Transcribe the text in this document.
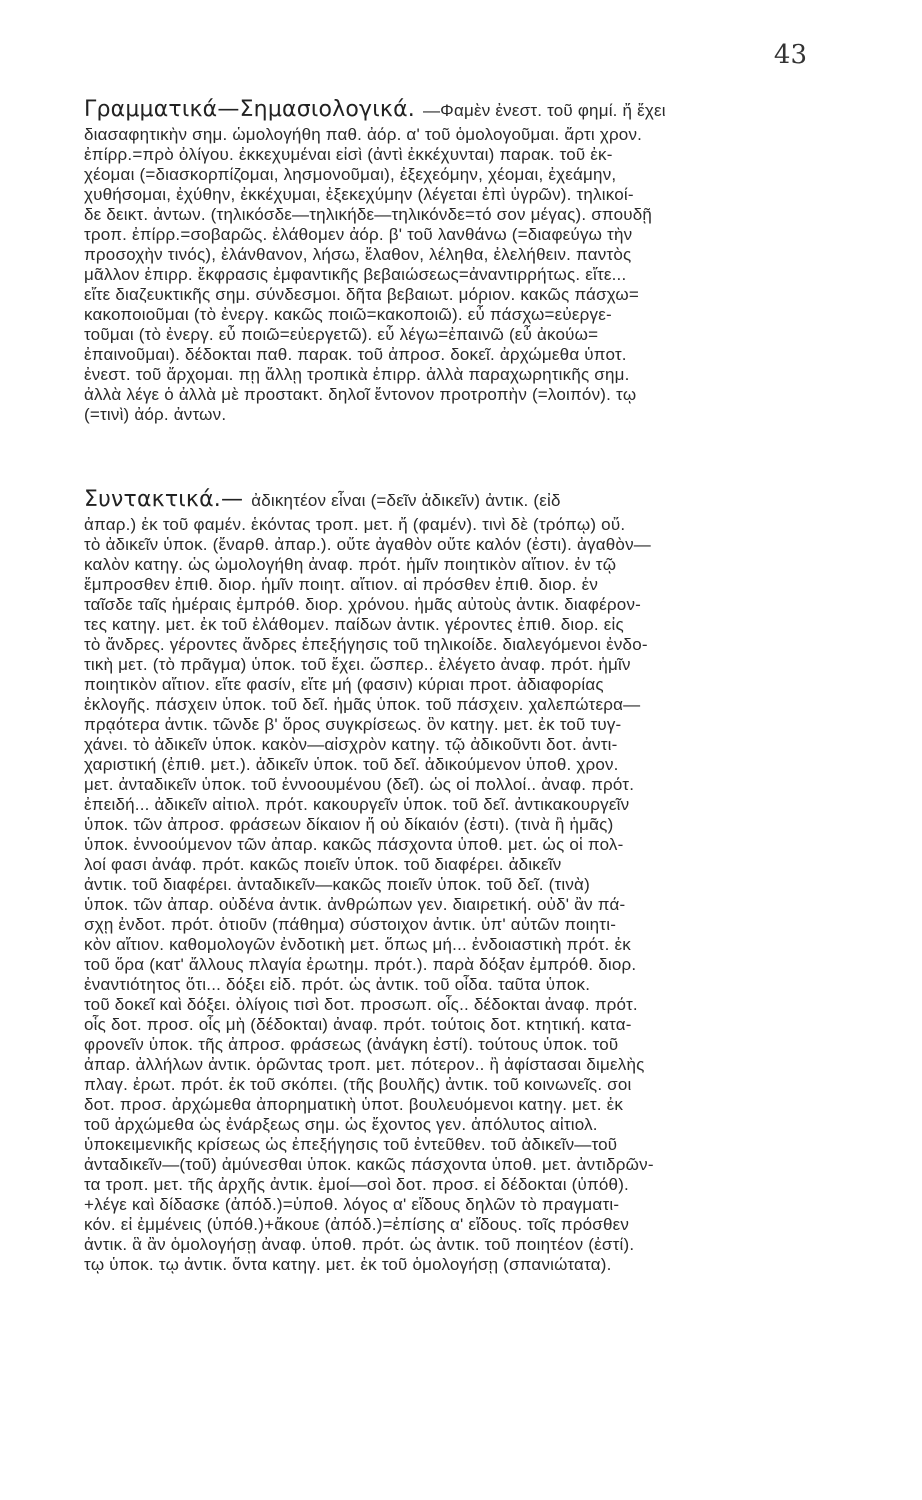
43
Γραμματικά—Σημασιολογικά. —Φαμὲν ἐνεστ. τοῦ φημί. ἤ ἔχει
διασαφητικὴν σημ. ὡμολογήθη παθ. ἀόρ. α' τοῦ ὁμολογοῦμαι. ἄρτι χρον.
ἐπίρρ.=πρὸ ὀλίγου. ἐκκεχυμέναι εἰσὶ (ἀντὶ ἐκκέχυνται) παρακ. τοῦ ἐκ-
χέομαι (=διασκορπίζομαι, λησμονοῦμαι), ἐξεχεόμην, χέομαι, ἐχεάμην,
χυθήσομαι, ἐχύθην, ἐκκέχυμαι, ἐξεκεχύμην (λέγεται ἐπὶ ὑγρῶν). τηλικοί-
δε δεικτ. ἀντων. (τηλικόσδε—τηλικήδε—τηλικόνδε=τό σον μέγας). σπουδῇ
τροπ. ἐπίρρ.=σοβαρῶς. ἐλάθομεν ἀόρ. β' τοῦ λανθάνω (=διαφεύγω τὴν
προσοχὴν τινός), ἐλάνθανον, λήσω, ἔλαθον, λέληθα, ἐλελήθειν. παντὸς
μᾶλλον ἐπιρρ. ἔκφρασις ἐμφαντικῆς βεβαιώσεως=ἀναντιρρήτως. εἴτε...
εἴτε διαζευκτικῆς σημ. σύνδεσμοι. δῆτα βεβαιωτ. μόριον. κακῶς πάσχω=
κακοποιοῦμαι (τὸ ἐνεργ. κακῶς ποιῶ=κακοποιῶ). εὖ πάσχω=εὐεργε-
τοῦμαι (τὸ ἐνεργ. εὖ ποιῶ=εὐεργετῶ). εὖ λέγω=ἐπαινῶ (εὖ ἀκούω=
ἐπαινοῦμαι). δέδοκται παθ. παρακ. τοῦ ἀπροσ. δοκεῖ. ἀρχώμεθα ὑποτ.
ἐνεστ. τοῦ ἄρχομαι. πῃ ἄλλῃ τροπικὰ ἐπιρρ. ἀλλὰ παραχωρητικῆς σημ.
ἀλλὰ λέγε ὁ ἀλλὰ μὲ προστακτ. δηλοῖ ἔντονον προτροπὴν (=λοιπόν). τῳ
(=τινὶ) ἀόρ. ἀντων.
Συντακτικά.— ἀδικητέον εἶναι (=δεῖν ἀδικεῖν) ἀντικ. (εἰδ
ἀπαρ.) ἐκ τοῦ φαμέν. ἑκόντας τροπ. μετ. ἤ (φαμέν). τινὶ δὲ (τρόπῳ) οὔ.
τὸ ἀδικεῖν ὑποκ. (ἔναρθ. ἀπαρ.). οὔτε ἀγαθὸν οὔτε καλόν (ἐστι). ἀγαθὸν—
καλὸν κατηγ. ὡς ὡμολογήθη ἀναφ. πρότ. ἡμῖν ποιητικὸν αἴτιον. ἐν τῷ
ἔμπροσθεν ἐπιθ. διορ. ἡμῖν ποιητ. αἴτιον. αἱ πρόσθεν ἐπιθ. διορ. ἐν
ταῖσδε ταῖς ἡμέραις ἐμπρόθ. διορ. χρόνου. ἡμᾶς αὐτοὺς ἀντικ. διαφέρον-
τες κατηγ. μετ. ἐκ τοῦ ἐλάθομεν. παίδων ἀντικ. γέροντες ἐπιθ. διορ. εἰς
τὸ ἄνδρες. γέροντες ἄνδρες ἐπεξήγησις τοῦ τηλικοίδε. διαλεγόμενοι ἐνδο-
τικὴ μετ. (τὸ πρᾶγμα) ὑποκ. τοῦ ἔχει. ὥσπερ.. ἐλέγετο ἀναφ. πρότ. ἡμῖν
ποιητικὸν αἴτιον. εἴτε φασίν, εἴτε μή (φασιν) κύριαι προτ. ἀδιαφορίας
ἐκλογῆς. πάσχειν ὑποκ. τοῦ δεῖ. ἡμᾶς ὑποκ. τοῦ πάσχειν. χαλεπώτερα—
πρᾳότερα ἀντικ. τῶνδε β' ὅρος συγκρίσεως. ὃν κατηγ. μετ. ἐκ τοῦ τυγ-
χάνει. τὸ ἀδικεῖν ὑποκ. κακὸν—αἰσχρὸν κατηγ. τῷ ἀδικοῦντι δοτ. ἀντι-
χαριστική (ἐπιθ. μετ.). ἀδικεῖν ὑποκ. τοῦ δεῖ. ἀδικούμενον ὑποθ. χρον.
μετ. ἀνταδικεῖν ὑποκ. τοῦ ἐννοουμένου (δεῖ). ὡς οἱ πολλοί.. ἀναφ. πρότ.
ἐπειδή... ἀδικεῖν αἰτιολ. πρότ. κακουργεῖν ὑποκ. τοῦ δεῖ. ἀντικακουργεῖν
ὑποκ. τῶν ἀπροσ. φράσεων δίκαιον ἤ οὐ δίκαιόν (ἐστι). (τινὰ ἢ ἡμᾶς)
ὑποκ. ἐννοούμενον τῶν ἀπαρ. κακῶς πάσχοντα ὑποθ. μετ. ὡς οἱ πολ-
λοί φασι ἀνάφ. πρότ. κακῶς ποιεῖν ὑποκ. τοῦ διαφέρει. ἀδικεῖν
ἀντικ. τοῦ διαφέρει. ἀνταδικεῖν—κακῶς ποιεῖν ὑποκ. τοῦ δεῖ. (τινὰ)
ὑποκ. τῶν ἀπαρ. οὐδένα ἀντικ. ἀνθρώπων γεν. διαιρετική. οὐδ' ἂν πά-
σχῃ ἐνδοτ. πρότ. ὁτιοῦν (πάθημα) σύστοιχον ἀντικ. ὑπ' αὐτῶν ποιητι-
κὸν αἴτιον. καθομολογῶν ἐνδοτικὴ μετ. ὅπως μή... ἐνδοιαστικὴ πρότ. ἐκ
τοῦ ὅρα (κατ' ἄλλους πλαγία ἐρωτημ. πρότ.). παρὰ δόξαν ἐμπρόθ. διορ.
ἐναντιότητος ὅτι... δόξει εἰδ. πρότ. ὡς ἀντικ. τοῦ οἶδα. ταῦτα ὑποκ.
τοῦ δοκεῖ καὶ δόξει. ὀλίγοις τισὶ δοτ. προσωπ. οἷς.. δέδοκται ἀναφ. πρότ.
οἷς δοτ. προσ. οἷς μὴ (δέδοκται) ἀναφ. πρότ. τούτοις δοτ. κτητική. κατα-
φρονεῖν ὑποκ. τῆς ἀπροσ. φράσεως (ἀνάγκη ἐστί). τούτους ὑποκ. τοῦ
ἀπαρ. ἀλλήλων ἀντικ. ὁρῶντας τροπ. μετ. πότερον.. ἢ ἀφίστασαι διμελὴς
πλαγ. ἐρωτ. πρότ. ἐκ τοῦ σκόπει. (τῆς βουλῆς) ἀντικ. τοῦ κοινωνεῖς. σοι
δοτ. προσ. ἀρχώμεθα ἀπορηματικὴ ὑποτ. βουλευόμενοι κατηγ. μετ. ἐκ
τοῦ ἀρχώμεθα ὡς ἐνάρξεως σημ. ὡς ἔχοντος γεν. ἀπόλυτος αἰτιολ.
ὑποκειμενικῆς κρίσεως ὡς ἐπεξήγησις τοῦ ἐντεῦθεν. τοῦ ἀδικεῖν—τοῦ
ἀνταδικεῖν—(τοῦ) ἀμύνεσθαι ὑποκ. κακῶς πάσχοντα ὑποθ. μετ. ἀντιδρῶν-
τα τροπ. μετ. τῆς ἀρχῆς ἀντικ. ἐμοί—σοὶ δοτ. προσ. εἰ δέδοκται (ὑπόθ).
+λέγε καὶ δίδασκε (ἀπόδ.)=ὑποθ. λόγος α' εἴδους δηλῶν τὸ πραγματι-
κόν. εἰ ἐμμένεις (ὑπόθ.)+ἄκουε (ἀπόδ.)=ἐπίσης α' εἴδους. τοῖς πρόσθεν
ἀντικ. ἃ ἂν ὁμολογήσῃ ἀναφ. ὑποθ. πρότ. ὡς ἀντικ. τοῦ ποιητέον (ἐστί).
τῳ ὑποκ. τῳ ἀντικ. ὄντα κατηγ. μετ. ἐκ τοῦ ὁμολογήσῃ (σπανιώτατα).
